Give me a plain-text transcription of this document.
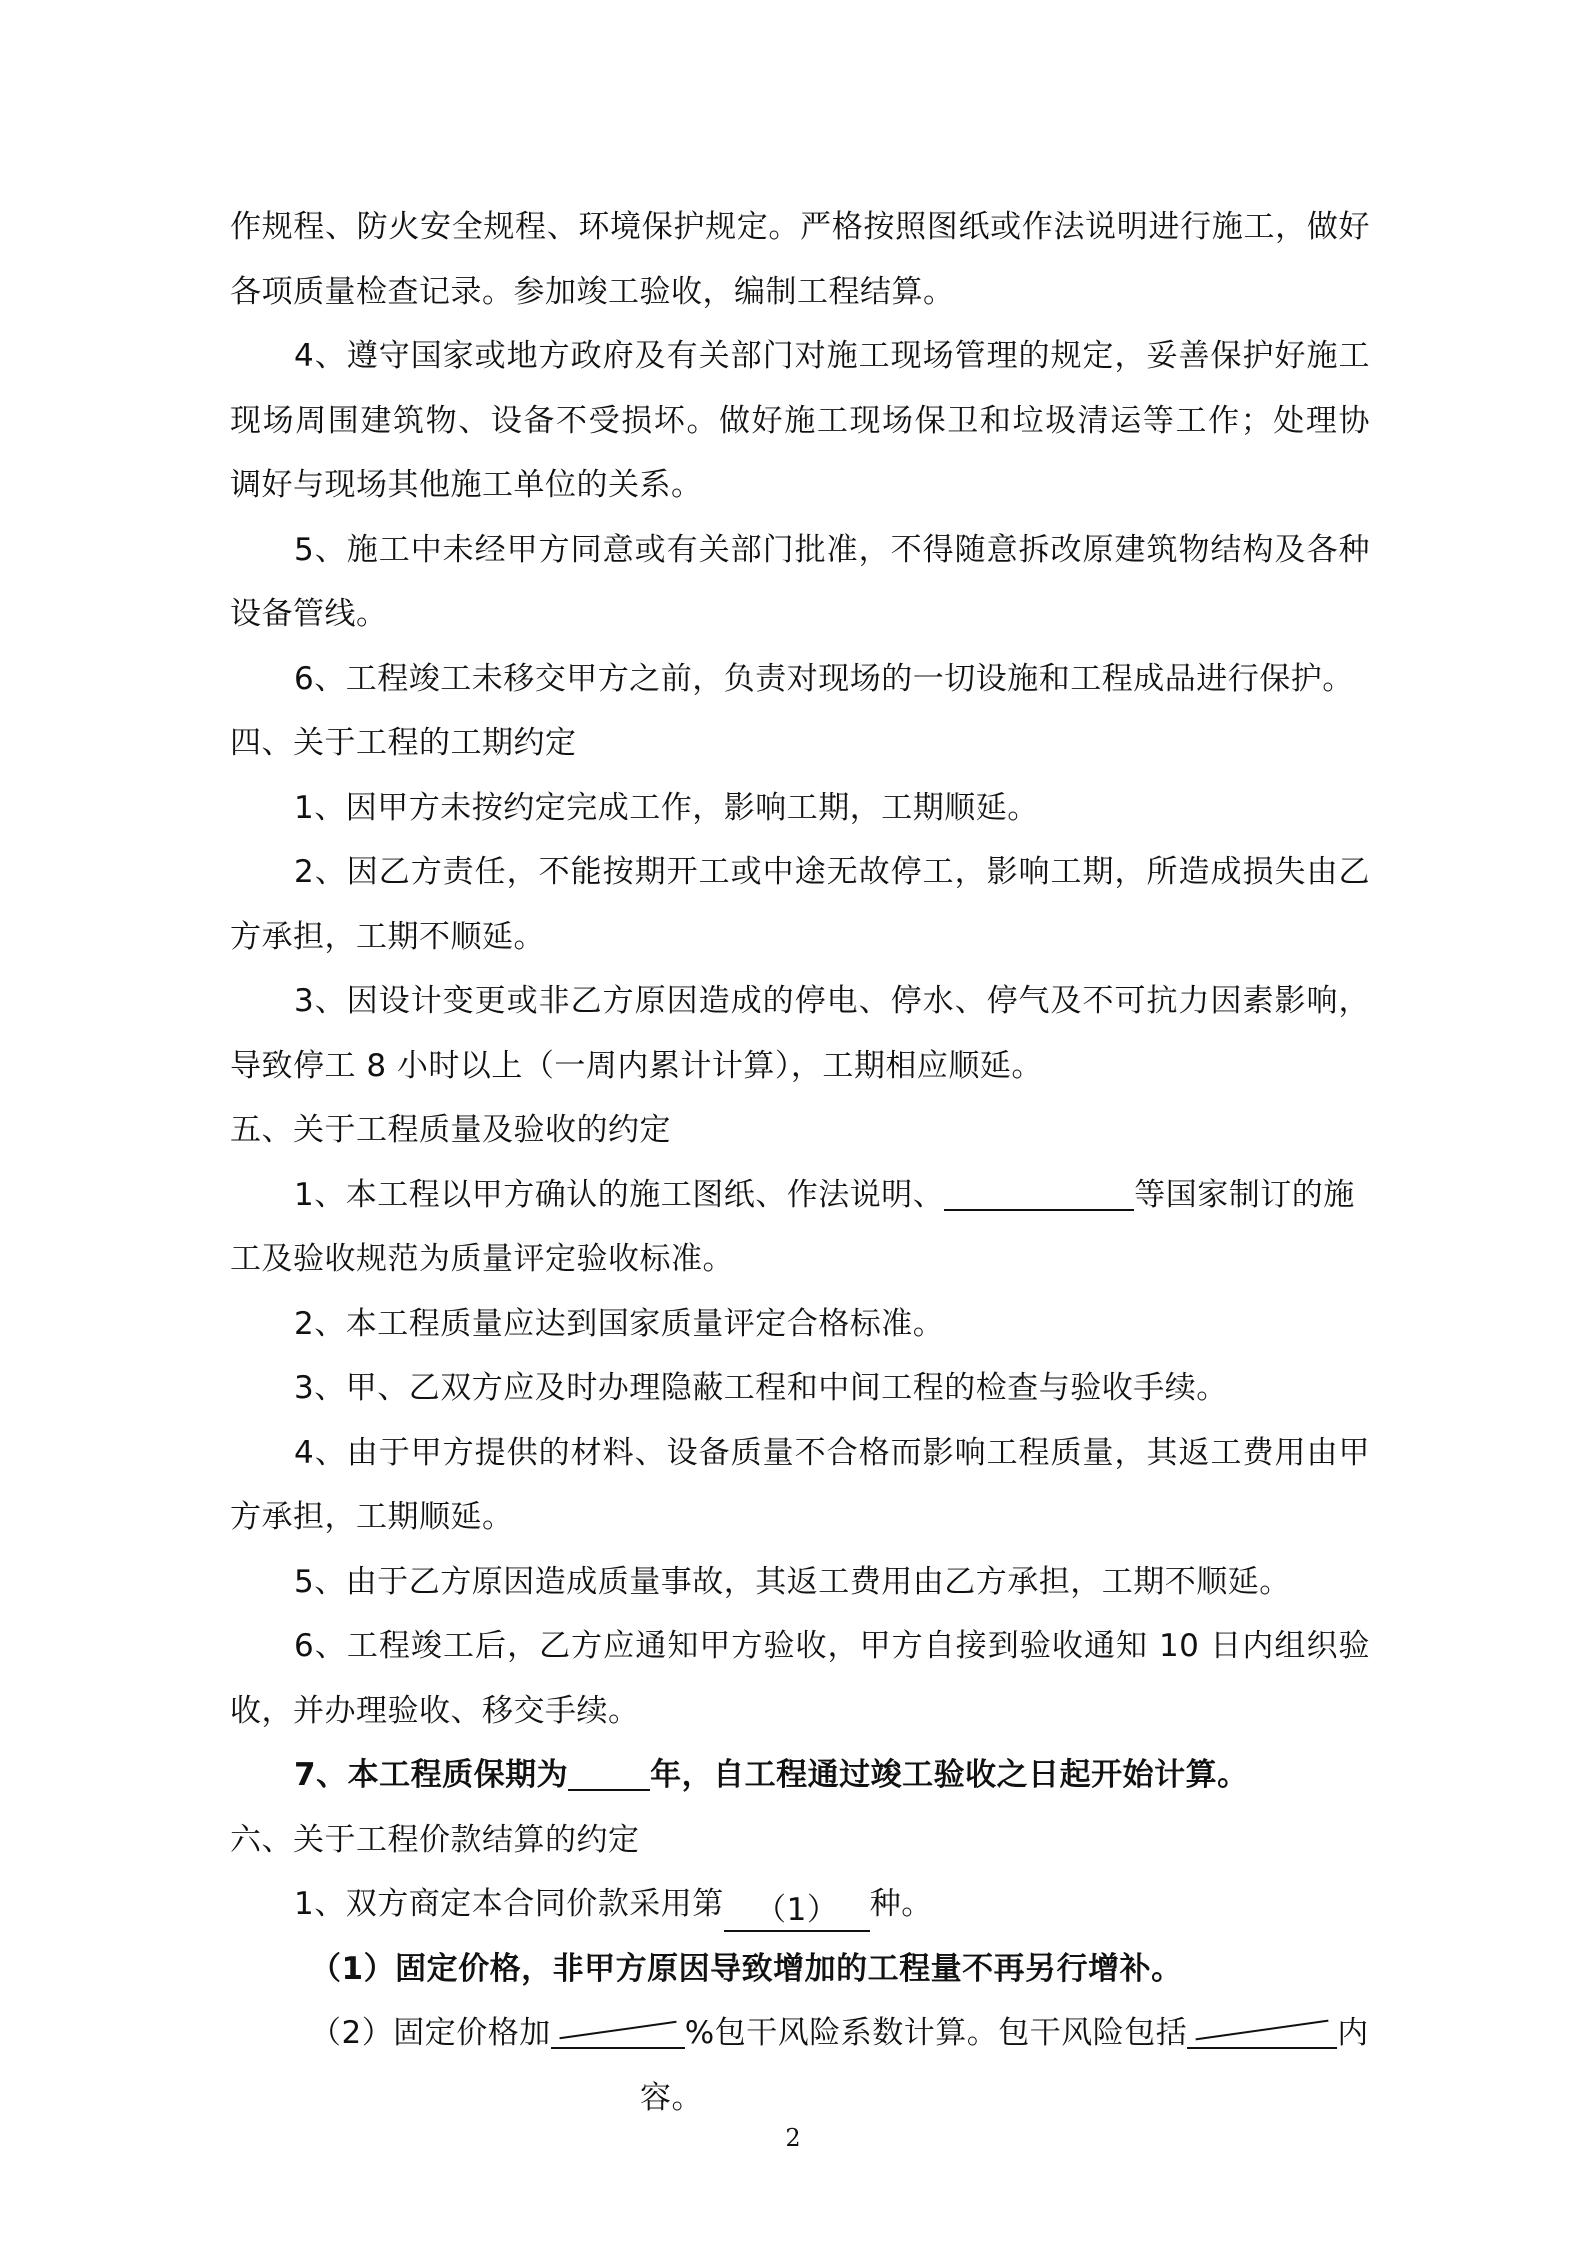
作规程、防火安全规程、环境保护规定。严格按照图纸或作法说明进行施工，做好
各项质量检查记录。参加竣工验收，编制工程结算。
4、遵守国家或地方政府及有关部门对施工现场管理的规定，妥善保护好施工
现场周围建筑物、设备不受损坏。做好施工现场保卫和垃圾清运等工作；处理协
调好与现场其他施工单位的关系。
5、施工中未经甲方同意或有关部门批准，不得随意拆改原建筑物结构及各种
设备管线。
6、工程竣工未移交甲方之前，负责对现场的一切设施和工程成品进行保护。
四、关于工程的工期约定
1、因甲方未按约定完成工作，影响工期，工期顺延。
2、因乙方责任，不能按期开工或中途无故停工，影响工期，所造成损失由乙
方承担，工期不顺延。
3、因设计变更或非乙方原因造成的停电、停水、停气及不可抗力因素影响，
导致停工 8 小时以上（一周内累计计算），工期相应顺延。
五、关于工程质量及验收的约定
1、本工程以甲方确认的施工图纸、作法说明、	等国家制订的施
工及验收规范为质量评定验收标准。
2、本工程质量应达到国家质量评定合格标准。
3、甲、乙双方应及时办理隐蔽工程和中间工程的检查与验收手续。
4、由于甲方提供的材料、设备质量不合格而影响工程质量，其返工费用由甲
方承担，工期顺延。
5、由于乙方原因造成质量事故，其返工费用由乙方承担，工期不顺延。
6、工程竣工后，乙方应通知甲方验收，甲方自接到验收通知 10 日内组织验
收，并办理验收、移交手续。
7、本工程质保期为	年，自工程通过竣工验收之日起开始计算。
六、关于工程价款结算的约定
1、双方商定本合同价款采用第 （1） 种。
（1）固定价格，非甲方原因导致增加的工程量不再另行增补。
（2）固定价格加	%包干风险系数计算。包干风险包括	内
容。
2
